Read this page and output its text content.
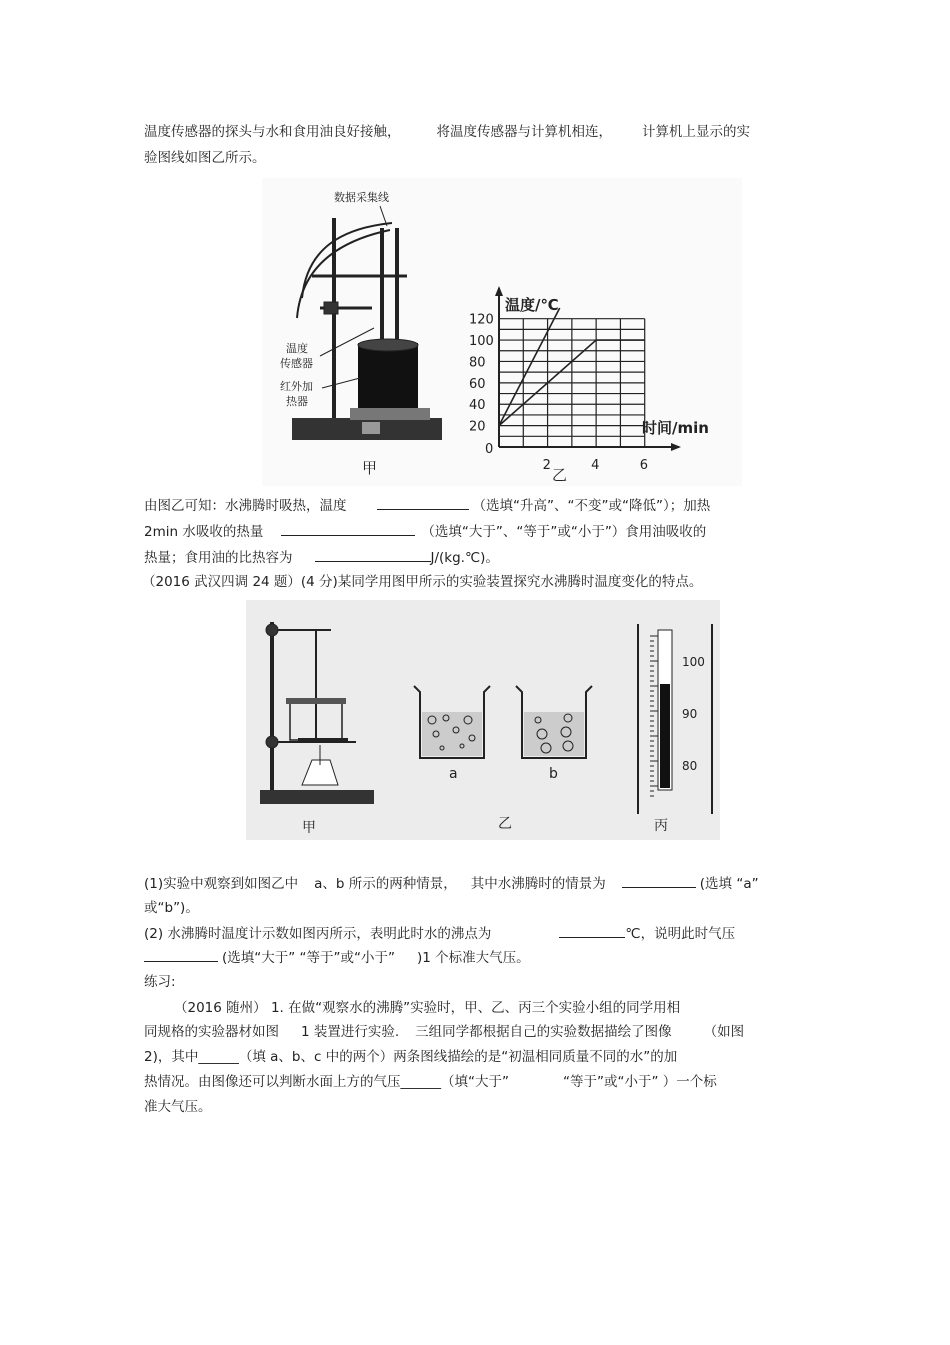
温度传感器的探头与水和食用油良好接触，	将温度传感器与计算机相连， 计算机上显示的实
验图线如图乙所示。
数据采集线
温度
传感器
红外加
热器
甲
20
40
60
80
100
120
0
2	4	6
温度/℃
时间/min
乙
由图乙可知：水沸腾时吸热，温度	（选填“升高”、“不变”或“降低”）；加热
2min 水吸收的热量	（选填“大于”、“等于”或“小于”）食用油吸收的
热量；食用油的比热容为	J/(kg.℃)。
（2016 武汉四调 24 题）(4 分)某同学用图甲所示的实验装置探究水沸腾时温度变化的特点。
甲
a	b
乙
100
90
80
丙
(1)实验中观察到如图乙中 a、b 所示的两种情景， 其中水沸腾时的情景为	(选填 “a”
或“b”)。
(2) 水沸腾时温度计示数如图丙所示，表明此时水的沸点为	℃，说明此时气压
(选填“大于” “等于”或“小于” )1 个标准大气压。
练习:
（2016 随州） 1. 在做“观察水的沸腾”实验时，甲、乙、丙三个实验小组的同学用相
同规格的实验器材如图 1 装置进行实验. 三组同学都根据自己的实验数据描绘了图像 （如图
2)，其中______（填 a、b、c 中的两个）两条图线描绘的是“初温相同质量不同的水”的加
热情况。由图像还可以判断水面上方的气压______（填“大于”	“等于”或“小于” ）一个标
准大气压。
